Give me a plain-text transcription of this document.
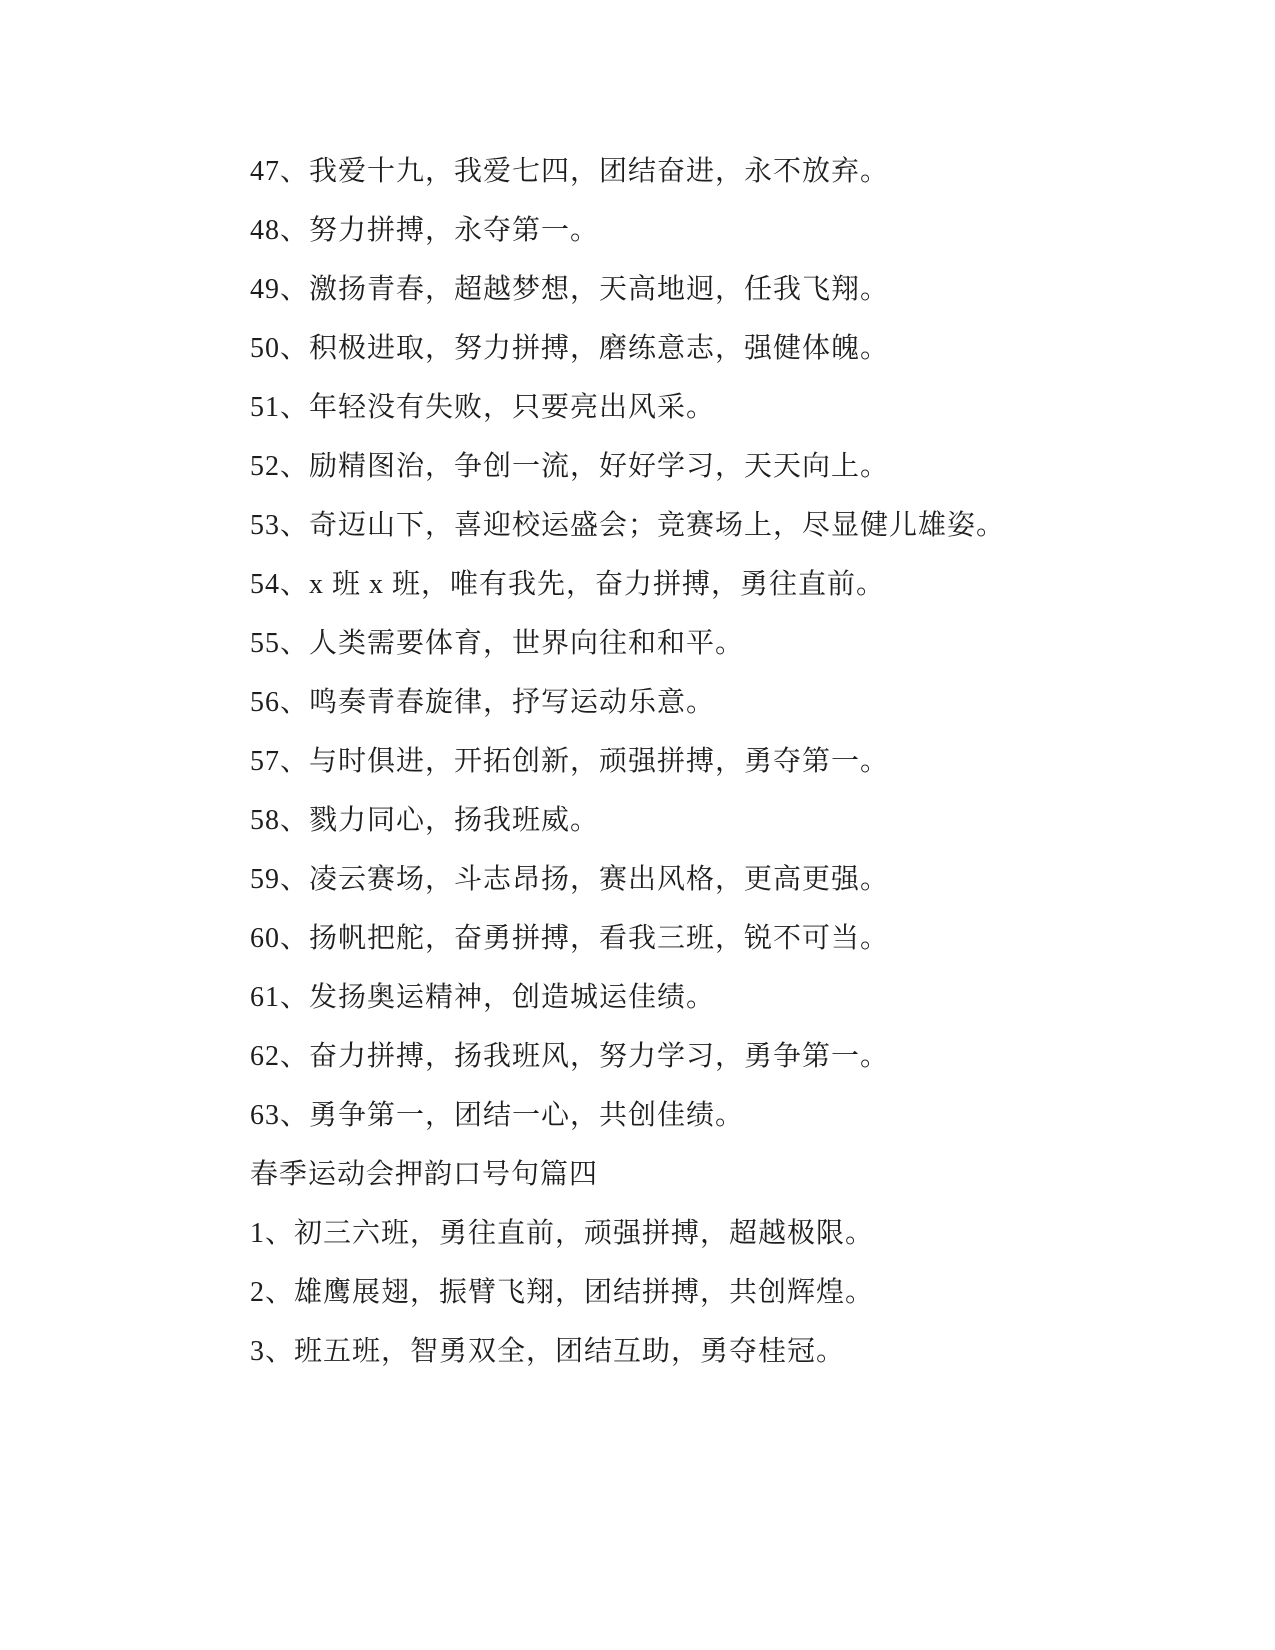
47、我爱十九，我爱七四，团结奋进，永不放弃。

48、努力拼搏，永夺第一。

49、激扬青春，超越梦想，天高地迥，任我飞翔。

50、积极进取，努力拼搏，磨练意志，强健体魄。

51、年轻没有失败，只要亮出风采。

52、励精图治，争创一流，好好学习，天天向上。

53、奇迈山下，喜迎校运盛会；竞赛场上，尽显健儿雄姿。

54、x 班 x 班，唯有我先，奋力拼搏，勇往直前。

55、人类需要体育，世界向往和和平。

56、鸣奏青春旋律，抒写运动乐意。

57、与时俱进，开拓创新，顽强拼搏，勇夺第一。

58、戮力同心，扬我班威。

59、凌云赛场，斗志昂扬，赛出风格，更高更强。

60、扬帆把舵，奋勇拼搏，看我三班，锐不可当。

61、发扬奥运精神，创造城运佳绩。

62、奋力拼搏，扬我班风，努力学习，勇争第一。

63、勇争第一，团结一心，共创佳绩。

春季运动会押韵口号句篇四

1、初三六班，勇往直前，顽强拼搏，超越极限。

2、雄鹰展翅，振臂飞翔，团结拼搏，共创辉煌。

3、班五班，智勇双全，团结互助，勇夺桂冠。
